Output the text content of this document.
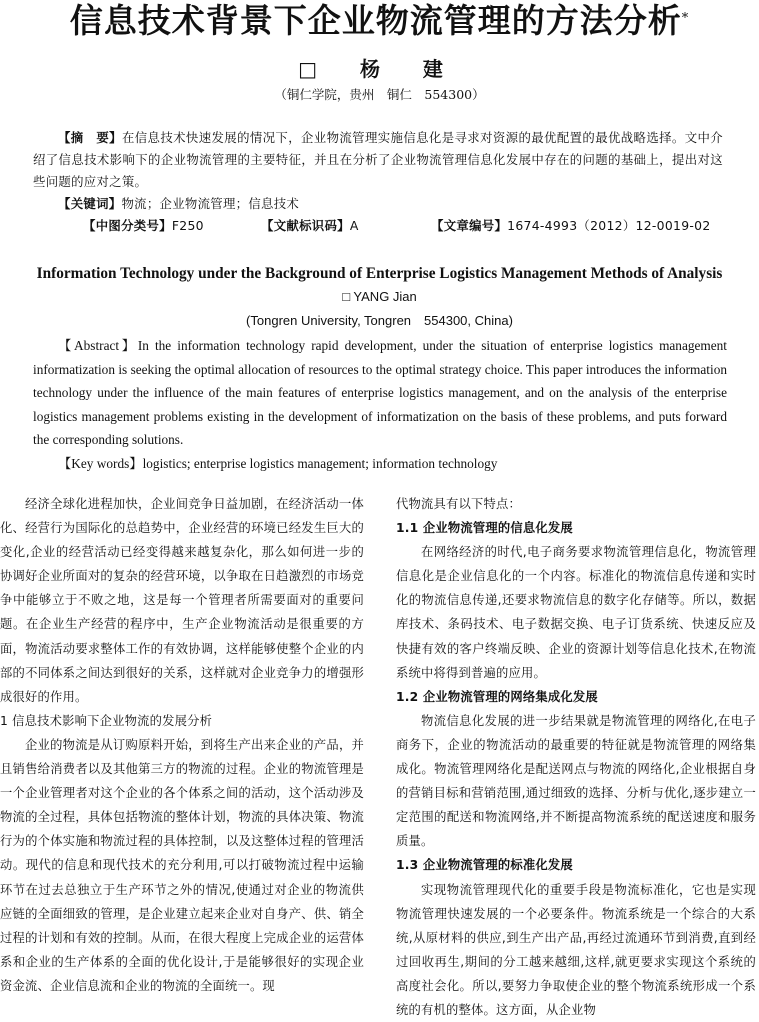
信息技术背景下企业物流管理的方法分析*
□ 杨 建
（铜仁学院，贵州　铜仁　554300）

【摘　要】在信息技术快速发展的情况下，企业物流管理实施信息化是寻求对资源的最优配置的最优战略选择。文中介绍了信息技术影响下的企业物流管理的主要特征，并且在分析了企业物流管理信息化发展中存在的问题的基础上，提出对这些问题的应对之策。

【关键词】物流；企业物流管理；信息技术

【中图分类号】F250	【文献标识码】A	【文章编号】1674-4993（2012）12-0019-02

Information Technology under the Background of Enterprise Logistics Management Methods of Analysis
□ YANG Jian
(Tongren University, Tongren　554300, China)

【Abstract】In the information technology rapid development, under the situation of enterprise logistics management informatization is seeking the optimal allocation of resources to the optimal strategy choice. This paper introduces the information technology under the influence of the main features of enterprise logistics management, and on the analysis of the enterprise logistics management problems existing in the development of informatization on the basis of these problems, and puts forward the corresponding solutions.

【Key words】logistics; enterprise logistics management; information technology

经济全球化进程加快，企业间竞争日益加剧，在经济活动一体化、经营行为国际化的总趋势中，企业经营的环境已经发生巨大的变化,企业的经营活动已经变得越来越复杂化，那么如何进一步的协调好企业所面对的复杂的经营环境，以争取在日趋激烈的市场竞争中能够立于不败之地，这是每一个管理者所需要面对的重要问题。在企业生产经营的程序中，生产企业物流活动是很重要的方面，物流活动要求整体工作的有效协调，这样能够使整个企业的内部的不同体系之间达到很好的关系，这样就对企业竞争力的增强形成很好的作用。

1 信息技术影响下企业物流的发展分析

企业的物流是从订购原料开始，到将生产出来企业的产品，并且销售给消费者以及其他第三方的物流的过程。企业的物流管理是一个企业管理者对这个企业的各个体系之间的活动，这个活动涉及物流的全过程，具体包括物流的整体计划，物流的具体决策、物流行为的个体实施和物流过程的具体控制，以及这整体过程的管理活动。现代的信息和现代技术的充分利用,可以打破物流过程中运输环节在过去总独立于生产环节之外的情况,使通过对企业的物流供应链的全面细致的管理，是企业建立起来企业对自身产、供、销全过程的计划和有效的控制。从而，在很大程度上完成企业的运营体系和企业的生产体系的全面的优化设计,于是能够很好的实现企业资金流、企业信息流和企业的物流的全面统一。现

代物流具有以下特点：

1.1 企业物流管理的信息化发展

在网络经济的时代,电子商务要求物流管理信息化，物流管理信息化是企业信息化的一个内容。标准化的物流信息传递和实时化的物流信息传递,还要求物流信息的数字化存储等。所以，数据库技术、条码技术、电子数据交换、电子订货系统、快速反应及快捷有效的客户终端反映、企业的资源计划等信息化技术,在物流系统中将得到普遍的应用。

1.2 企业物流管理的网络集成化发展

物流信息化发展的进一步结果就是物流管理的网络化,在电子商务下，企业的物流活动的最重要的特征就是物流管理的网络集成化。物流管理网络化是配送网点与物流的网络化,企业根据自身的营销目标和营销范围,通过细致的选择、分析与优化,逐步建立一定范围的配送和物流网络,并不断提高物流系统的配送速度和服务质量。

1.3 企业物流管理的标准化发展

实现物流管理现代化的重要手段是物流标准化，它也是实现物流管理快速发展的一个必要条件。物流系统是一个综合的大系统,从原材料的供应,到生产出产品,再经过流通环节到消费,直到经过回收再生,期间的分工越来越细,这样,就更要求实现这个系统的高度社会化。所以,要努力争取使企业的整个物流系统形成一个系统的有机的整体。这方面，从企业物
